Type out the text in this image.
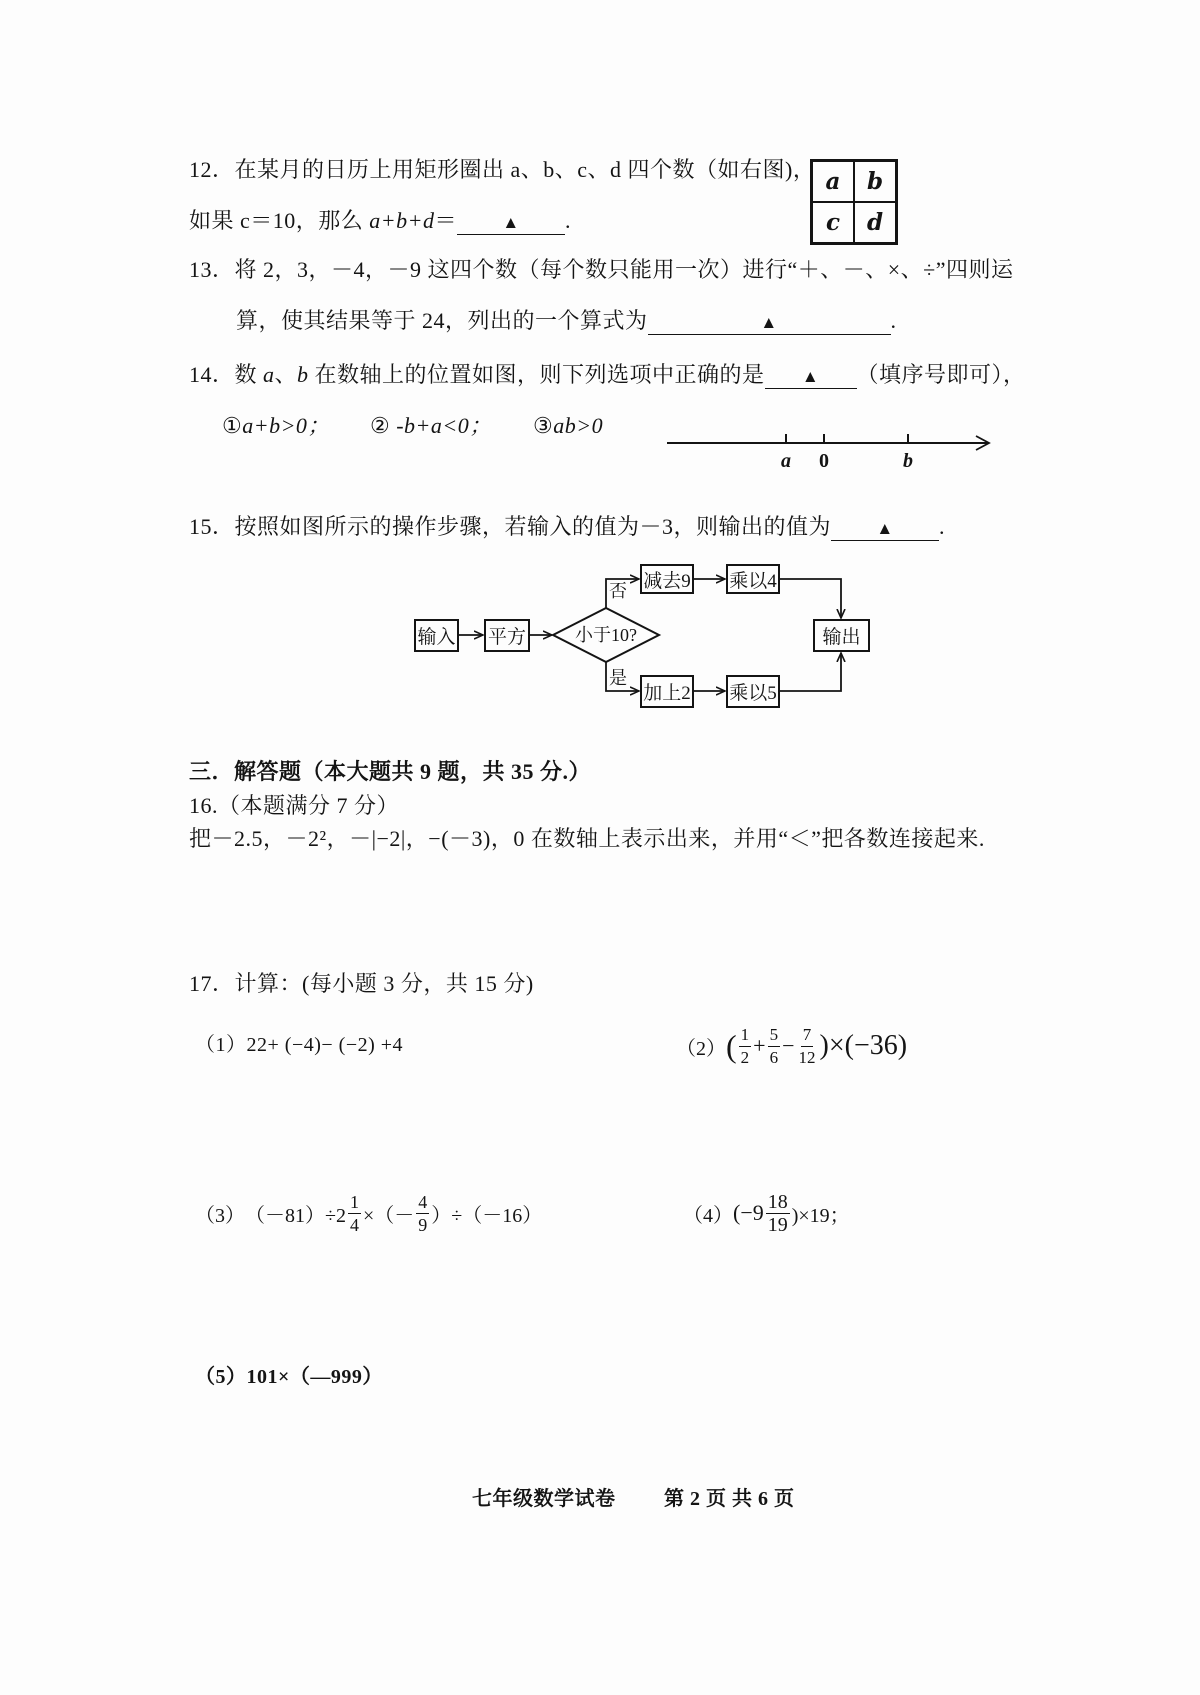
12．在某月的日历上用矩形圈出 a、b、c、d 四个数（如右图)，
如果 c＝10，那么 a+b+d＝	▲ .
a	b
c	d
13．将 2，3，－4，－9 这四个数（每个数只能用一次）进行“＋、－、×、÷”四则运
算，使其结果等于 24，列出的一个算式为	▲	.
14．数 a、b 在数轴上的位置如图，则下列选项中正确的是 ▲ （填序号即可），
①a+b>0； ② -b+a<0； ③ab>0
a 0	b
15．按照如图所示的操作步骤，若输入的值为－3，则输出的值为	▲ .
输入 平方	小于10?
否
是
减去9 乘以4
加上2 乘以5
输出
三．解答题（本大题共 9 题，共 35 分.）
16.（本题满分 7 分）
把－2.5，－2²，－|−2|，−(－3)，0 在数轴上表示出来，并用“＜”把各数连接起来.
17．计算：(每小题 3 分，共 15 分)
（1）22+ (−4)− (−2) +4	（2） ( $\frac{1}{2} + \frac{5}{6} - \frac{7}{12} )\times(-36)$
（3） $(-81)\div 2 \frac{1}{4}$ ×（－ $\frac{4}{9} )\div(-16)$	（4） $(-9 \frac{18}{19} )\times 19$；
（5）101×（—999）
七年级数学试卷 第 2 页 共 6 页
